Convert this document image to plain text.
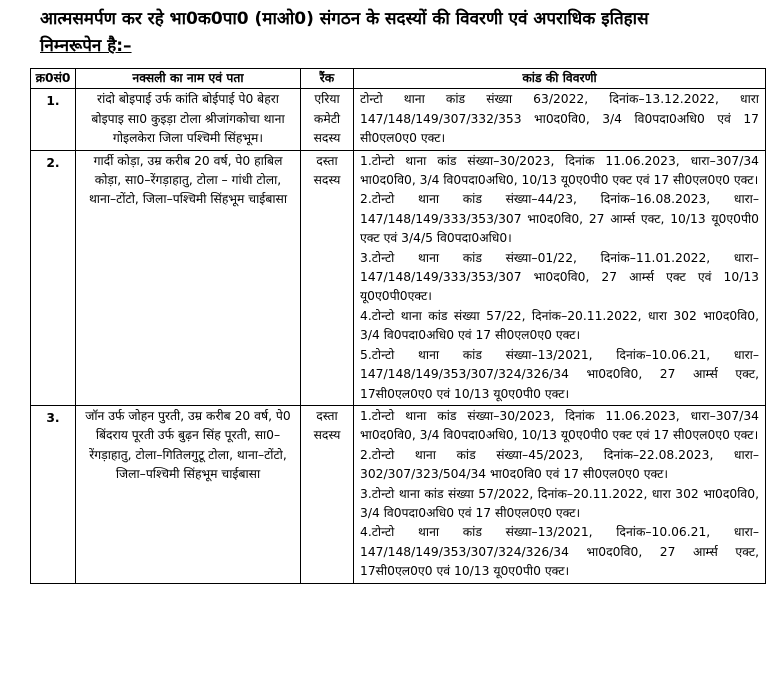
आत्मसमर्पण कर रहे भा0क0पा0 (माओ0) संगठन के सदस्यों की विवरणी एवं अपराधिक इतिहास
निम्नरूपेन है:–
क्र0सं0	नक्सली का नाम एवं पता	रैंक	कांड की विवरणी
1.	रांदो बोइपाई उर्फ कांति बोईपाई पे0 बेहरा बोइपाइ सा0 कुइड़ा टोला श्रीजांगकोचा थाना गोइलकेरा जिला पश्चिमी सिंहभूम।	एरिया कमेटी सदस्य	टोन्टो थाना कांड संख्या 63/2022, दिनांक–13.12.2022, धारा 147/148/149/307/332/353 भा0द0वि0, 3/4 वि0पदा0अधि0 एवं 17 सी0एल0ए0 एक्ट।

2.	गार्दी कोड़ा, उम्र करीब 20 वर्ष, पे0 हाबिल कोड़ा, सा0–रेंगड़ाहातु, टोला – गांधी टोला, थाना–टोंटो, जिला–पश्चिमी सिंहभूम चाईबासा	दस्ता सदस्य	1.टोन्टो थाना कांड संख्या–30/2023, दिनांक 11.06.2023, धारा–307/34 भा0द0वि0, 3/4 वि0पदा0अधि0, 10/13 यू0ए0पी0 एक्ट एवं 17 सी0एल0ए0 एक्ट।
2.टोन्टो थाना कांड संख्या–44/23, दिनांक–16.08.2023, धारा–147/148/149/333/353/307 भा0द0वि0, 27 आर्म्स एक्ट, 10/13 यू0ए0पी0 एक्ट एवं 3/4/5 वि0पदा0अधि0।
3.टोन्टो थाना कांड संख्या–01/22, दिनांक–11.01.2022, धारा–147/148/149/333/353/307 भा0द0वि0, 27 आर्म्स एक्ट एवं 10/13 यू0ए0पी0एक्ट।
4.टोन्टो थाना कांड संख्या 57/22, दिनांक–20.11.2022, धारा 302 भा0द0वि0, 3/4 वि0पदा0अधि0 एवं 17 सी0एल0ए0 एक्ट।
5.टोन्टो थाना कांड संख्या–13/2021, दिनांक–10.06.21, धारा–147/148/149/353/307/324/326/34 भा0द0वि0, 27 आर्म्स एक्ट, 17सी0एल0ए0 एवं 10/13 यू0ए0पी0 एक्ट।

3.	जॉन उर्फ जोहन पुरती, उम्र करीब 20 वर्ष, पे0 बिंदराय पूरती उर्फ बुढ़न सिंह पूरती, सा0–रेंगड़ाहातु, टोला–गितिलगुटू टोला, थाना–टोंटो, जिला–पश्चिमी सिंहभूम चाईबासा	दस्ता सदस्य	1.टोन्टो थाना कांड संख्या–30/2023, दिनांक 11.06.2023, धारा–307/34 भा0द0वि0, 3/4 वि0पदा0अधि0, 10/13 यू0ए0पी0 एक्ट एवं 17 सी0एल0ए0 एक्ट।
2.टोन्टो थाना कांड संख्या–45/2023, दिनांक–22.08.2023, धारा–302/307/323/504/34 भा0द0वि0 एवं 17 सी0एल0ए0 एक्ट।
3.टोन्टो थाना कांड संख्या 57/2022, दिनांक–20.11.2022, धारा 302 भा0द0वि0, 3/4 वि0पदा0अधि0 एवं 17 सी0एल0ए0 एक्ट।
4.टोन्टो थाना कांड संख्या–13/2021, दिनांक–10.06.21, धारा–147/148/149/353/307/324/326/34 भा0द0वि0, 27 आर्म्स एक्ट, 17सी0एल0ए0 एवं 10/13 यू0ए0पी0 एक्ट।
